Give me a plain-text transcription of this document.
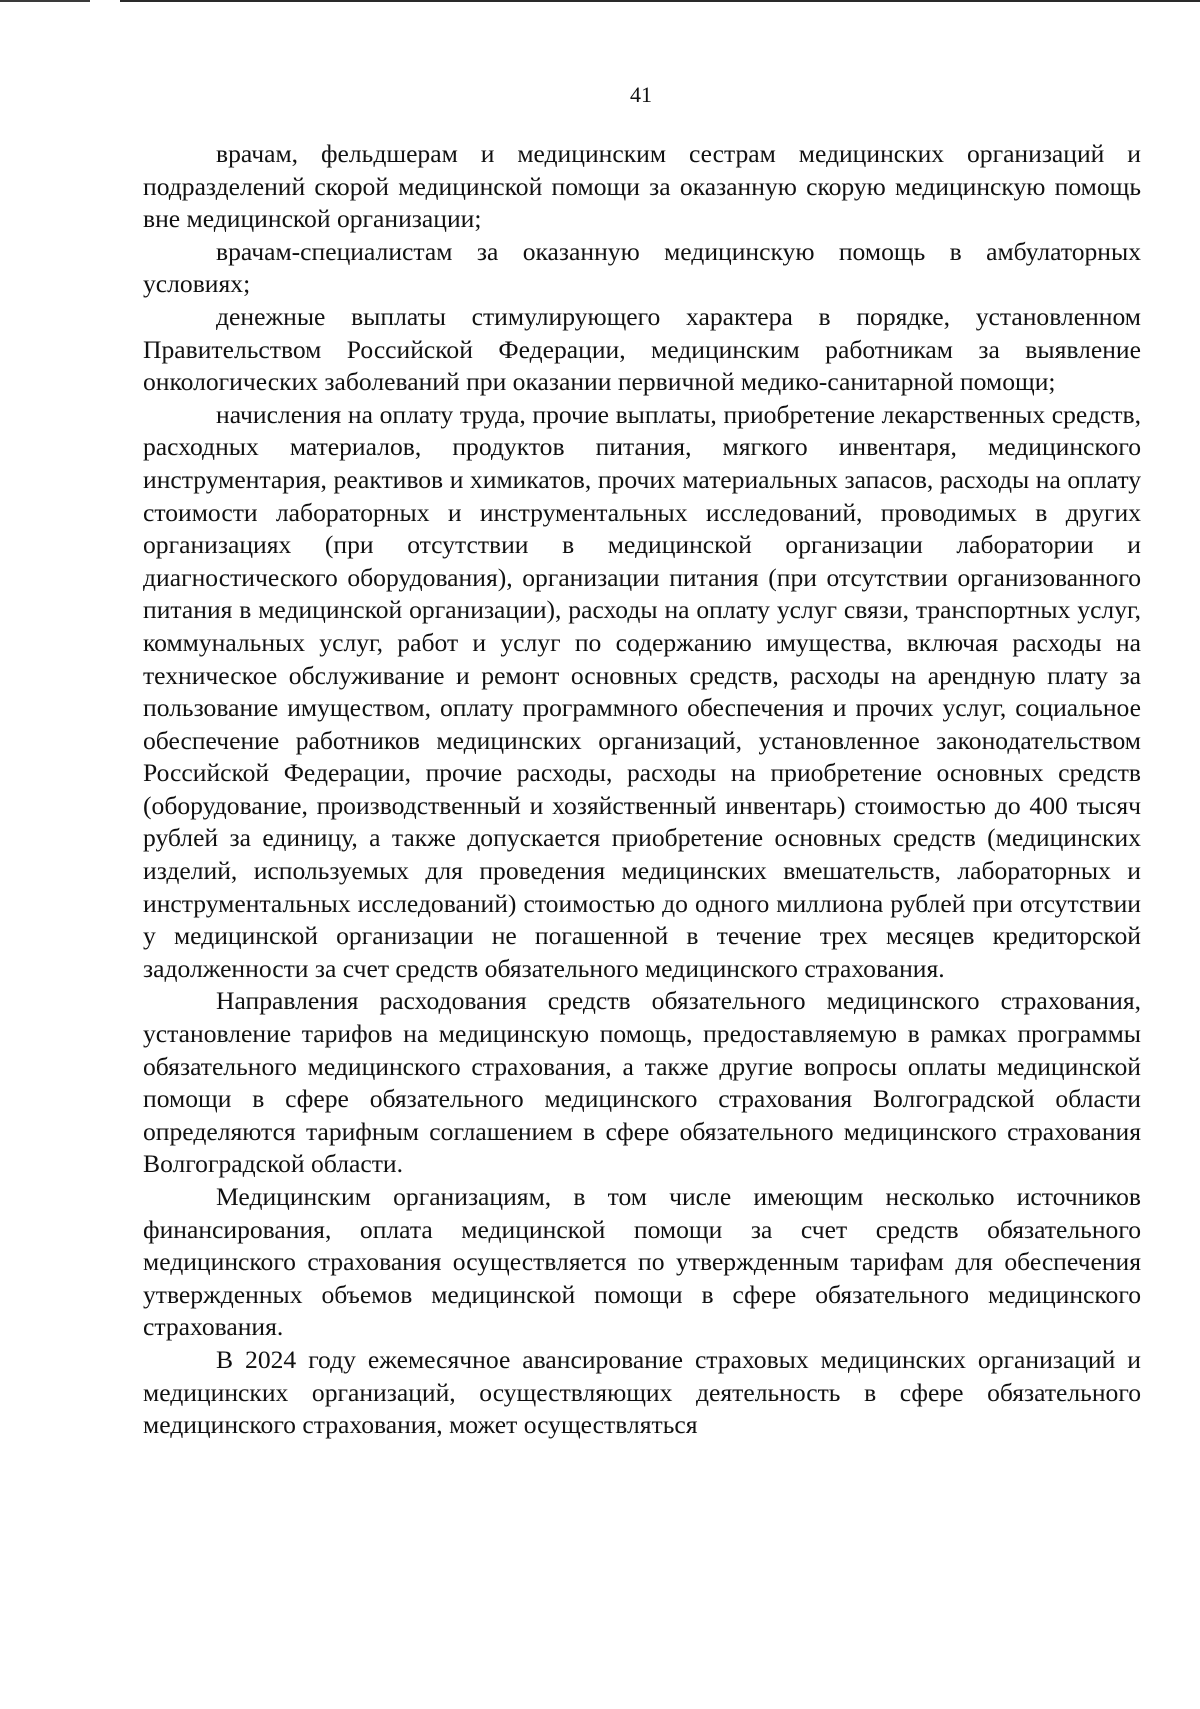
41

врачам, фельдшерам и медицинским сестрам медицинских организаций и подразделений скорой медицинской помощи за оказанную скорую медицинскую помощь вне медицинской организации;

врачам-специалистам за оказанную медицинскую помощь в амбулаторных условиях;

денежные выплаты стимулирующего характера в порядке, установленном Правительством Российской Федерации, медицинским работникам за выявление онкологических заболеваний при оказании первичной медико-санитарной помощи;

начисления на оплату труда, прочие выплаты, приобретение лекарственных средств, расходных материалов, продуктов питания, мягкого инвентаря, медицинского инструментария, реактивов и химикатов, прочих материальных запасов, расходы на оплату стоимости лабораторных и инструментальных исследований, проводимых в других организациях (при отсутствии в медицинской организации лаборатории и диагностического оборудования), организации питания (при отсутствии организованного питания в медицинской организации), расходы на оплату услуг связи, транспортных услуг, коммунальных услуг, работ и услуг по содержанию имущества, включая расходы на техническое обслуживание и ремонт основных средств, расходы на арендную плату за пользование имуществом, оплату программного обеспечения и прочих услуг, социальное обеспечение работников медицинских организаций, установленное законодательством Российской Федерации, прочие расходы, расходы на приобретение основных средств (оборудование, производственный и хозяйственный инвентарь) стоимостью до 400 тысяч рублей за единицу, а также допускается приобретение основных средств (медицинских изделий, используемых для проведения медицинских вмешательств, лабораторных и инструментальных исследований) стоимостью до одного миллиона рублей при отсутствии у медицинской организации не погашенной в течение трех месяцев кредиторской задолженности за счет средств обязательного медицинского страхования.

Направления расходования средств обязательного медицинского страхования, установление тарифов на медицинскую помощь, предоставляемую в рамках программы обязательного медицинского страхования, а также другие вопросы оплаты медицинской помощи в сфере обязательного медицинского страхования Волгоградской области определяются тарифным соглашением в сфере обязательного медицинского страхования Волгоградской области.

Медицинским организациям, в том числе имеющим несколько источников финансирования, оплата медицинской помощи за счет средств обязательного медицинского страхования осуществляется по утвержденным тарифам для обеспечения утвержденных объемов медицинской помощи в сфере обязательного медицинского страхования.

В 2024 году ежемесячное авансирование страховых медицинских организаций и медицинских организаций, осуществляющих деятельность в сфере обязательного медицинского страхования, может осуществляться
